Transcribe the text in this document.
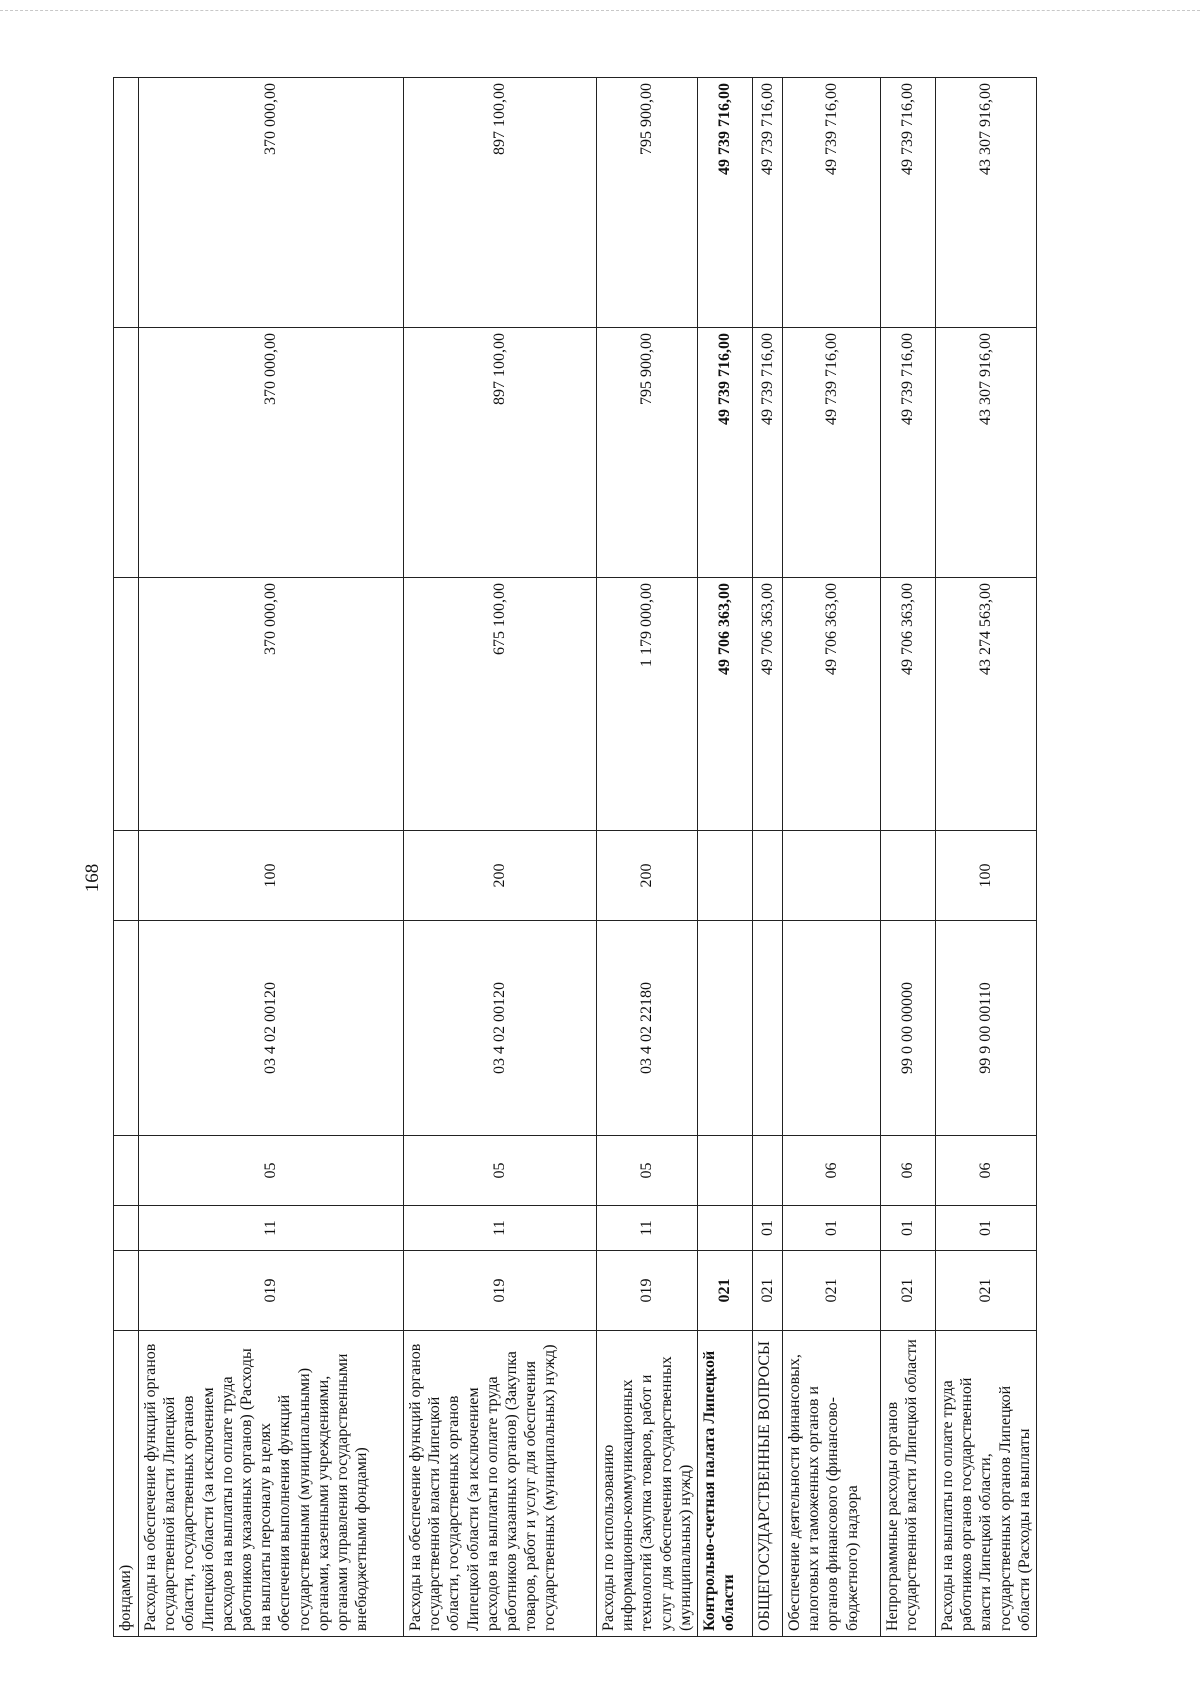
168
фондами)								
Расходы на обеспечение функций органов государственной власти Липецкой области, государственных органов Липецкой области (за исключением расходов на выплаты по оплате труда работников указанных органов) (Расходы на выплаты персоналу в целях обеспечения выполнения функций государственными (муниципальными) органами, казенными учреждениями, органами управления государственными внебюджетными фондами)	019	11	05	03 4 02 00120	100	370 000,00	370 000,00	370 000,00
Расходы на обеспечение функций органов государственной власти Липецкой области, государственных органов Липецкой области (за исключением расходов на выплаты по оплате труда работников указанных органов) (Закупка товаров, работ и услуг для обеспечения государственных (муниципальных) нужд)	019	11	05	03 4 02 00120	200	675 100,00	897 100,00	897 100,00
Расходы по использованию информационно-коммуникационных технологий (Закупка товаров, работ и услуг для обеспечения государственных (муниципальных) нужд)	019	11	05	03 4 02 22180	200	1 179 000,00	795 900,00	795 900,00
Контрольно-счетная палата Липецкой области	021					49 706 363,00	49 739 716,00	49 739 716,00
ОБЩЕГОСУДАРСТВЕННЫЕ ВОПРОСЫ	021	01				49 706 363,00	49 739 716,00	49 739 716,00
Обеспечение деятельности финансовых, налоговых и таможенных органов и органов финансового (финансово-бюджетного) надзора	021	01	06			49 706 363,00	49 739 716,00	49 739 716,00
Непрограммные расходы органов государственной власти Липецкой области	021	01	06	99 0 00 00000		49 706 363,00	49 739 716,00	49 739 716,00
Расходы на выплаты по оплате труда работников органов государственной власти Липецкой области, государственных органов Липецкой области (Расходы на выплаты	021	01	06	99 9 00 00110	100	43 274 563,00	43 307 916,00	43 307 916,00
